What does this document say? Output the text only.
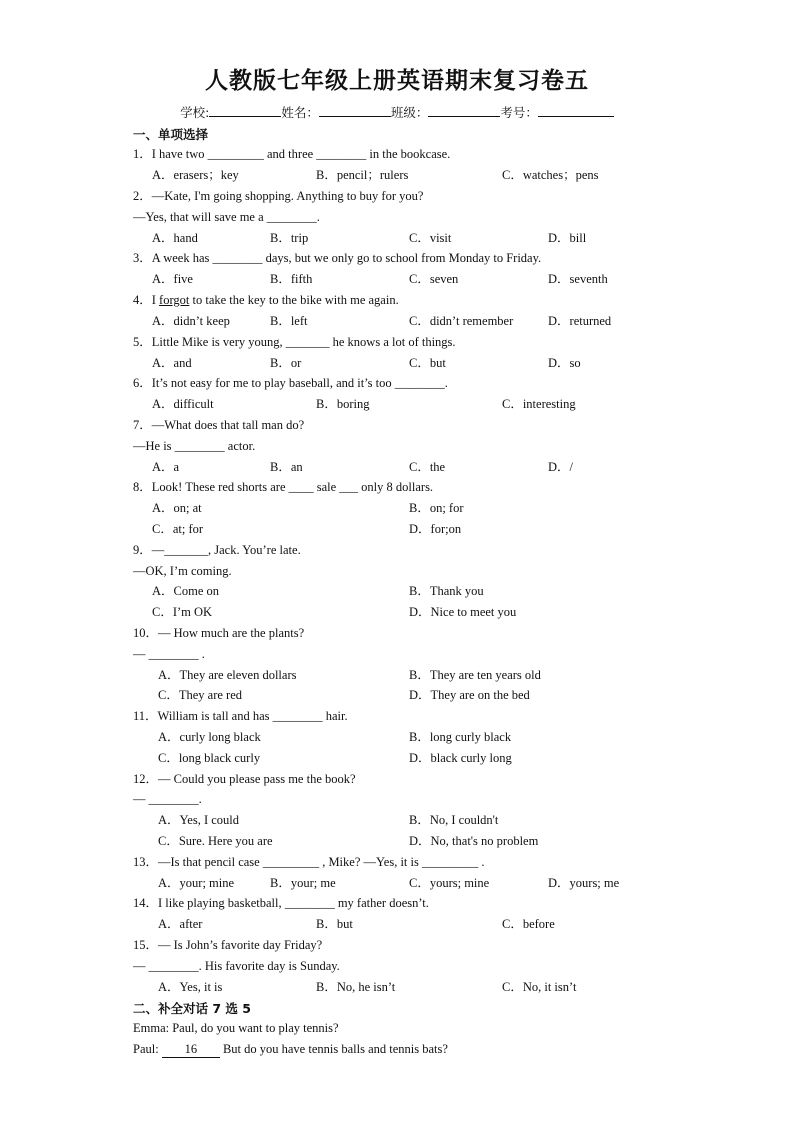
人教版七年级上册英语期末复习卷五
学校:	姓名：	班级：	考号：
一、单项选择
1．I have two _________ and three ________ in the bookcase.
A．erasers；key	B．pencil；rulers	C．watches；pens
2．—Kate, I'm going shopping. Anything to buy for you?
—Yes, that will save me a ________.
A．hand	B．trip	C．visit	D．bill
3．A week has ________ days, but we only go to school from Monday to Friday.
A．five	B．fifth	C．seven	D．seventh
4．I forgot to take the key to the bike with me again.
A．didn’t keep	B．left	C．didn’t remember	D．returned
5．Little Mike is very young, _______ he knows a lot of things.
A．and	B．or	C．but	D．so
6．It’s not easy for me to play baseball, and it’s too ________.
A．difficult	B．boring	C．interesting
7．—What does that tall man do?
—He is ________ actor.
A．a	B．an	C．the	D．/
8．Look! These red shorts are ____ sale ___ only 8 dollars.
A．on; at	B．on; for
C．at; for	D．for;on
9．—_______, Jack. You’re late.
—OK, I’m coming.
A．Come on	B．Thank you
C．I’m OK	D．Nice to meet you
10．— How much are the plants?
— ________ .
A．They are eleven dollars	B．They are ten years old
C．They are red	D．They are on the bed
11．William is tall and has ________ hair.
A．curly long black	B．long curly black
C．long black curly	D．black curly long
12．— Could you please pass me the book?
— ________.
A．Yes, I could	B．No, I couldn't
C．Sure. Here you are	D．No, that's no problem
13．—Is that pencil case _________ , Mike? —Yes, it is _________ .
A．your; mine	B．your; me	C．yours; mine	D．yours; me
14．I like playing basketball, ________ my father doesn’t.
A．after	B．but	C．before
15．— Is John’s favorite day Friday?
— ________. His favorite day is Sunday.
A．Yes, it is	B．No, he isn’t	C．No, it isn’t
二、补全对话 7 选 5
Emma: Paul, do you want to play tennis?
Paul: 16 But do you have tennis balls and tennis bats?
